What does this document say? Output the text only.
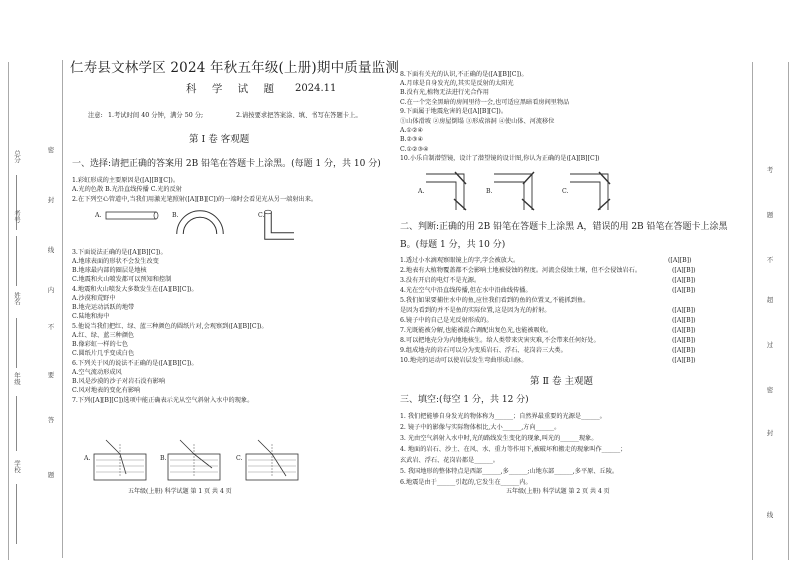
总分
考号
姓名
年级
学校
密
封
线
内
不
要
答
题
考
题
不
超
过
密
封
线
仁寿县文林学区 2024 年秋五年级(上册)期中质量监测
科 学 试 题 2024.11
注意: 1.考试时间 40 分钟，满分 50 分;	2.请按要求把答案涂、填、书写在答题卡上。
第 Ⅰ 卷 客观题
一、选择:请把正确的答案用 2B 铅笔在答题卡上涂黑。(每题 1 分，共 10 分)
1.彩虹形成的主要原因是([A][B][C])。
A.光的色散 B.光沿直线传播 C.光的反射
2.在下列空心管道中,当我们用激光笔照射([A][B][C])的一端时会看见光从另一端射出来。
A.	B.	C.
3.下面说法正确的是([A][B][C])。
A.地球表面的形状不会发生改变
B.地球最内部的圈层是地核
C.地震和火山喷发都可以预知和控制
4.地震和火山喷发大多数发生在([A][B][C])。
A.沙漠和荒野中
B.地壳运动活跃的地带
C.陆地和海中
5.他说当我们把红、绿、蓝三种颜色的圆纸片对,会观察到([A][B][C])。
A.红、绿、蓝三种颜色
B.像彩虹一样的七色
C.圆纸片几乎变成白色
6.下列关于风的说法不正确的是([A][B][C])。
A.空气流动形成风
B.风是沙漠的沙子对岩石没有影响
C.风对地表的变化有影响
7.下列([A][B][C])选项中能正确表示光从空气斜射入水中的现象。
A.	B.	C.
五年级(上册) 科学试题 第 1 页 共 4 页
8.下面有关光的认识,不正确的是([A][B][C])。
A.月球是自身发光的,其实是反射的太阳光
B.没有光,植物无法进行光合作用
C.在一个完全黑暗的房间里待一会,也可适应黑暗看房间里物品
9.下面属于地震危害的是([A][B][C])。
①山体滑坡 ②房屋倒塌 ③形成溶洞 ④使山体、河流移位
A.①②④
B.②③④
C.①②③④
10.小乐自制潜望镜，设计了潜望镜的设计图,你认为正确的是([A][B][C])
A.	B.	C.
二、判断:正确的用 2B 铅笔在答题卡上涂黑 A，错误的用 2B 铅笔在答题卡上涂黑
B。(每题 1 分，共 10 分)
1.透过小水滴观察眼镜上的字,字会被放大。	([A][B])
2.地表有大植物覆盖都不会影响土地被侵蚀的程度。河流会侵蚀土壤，但不会侵蚀岩石。	([A][B])
3.没有开启的电灯不是光源。	([A][B])
4.光在空气中沿直线传播,但在水中沿曲线传播。	([A][B])
5.我们如果要捕住水中的鱼,应往我们看到的鱼的位置叉,不能抓到鱼。
是因为看到的并不是鱼的实际位置,这是因为光的折射。	([A][B])
6.镜子中的自己是光反射形成的。	([A][B])
7.光既能被分解,也能被混合调配出复色光,也能被吸收。	([A][B])
8.可以把地壳分为内地地核生。给人类带来灾害灾难,不会带来任何好处。	([A][B])
9.组成地壳的岩石可以分为变质岩石、浮石、花岗岩三大类。	([A][B])
10.地壳的运动可以使岩层发生弯曲形成山脉。	([A][B])
第 Ⅱ 卷 主观题
三、填空:(每空 1 分，共 12 分)
1. 我们把能够自身发光的物体称为______；自然界最重要的光源是______。
2. 镜子中的影像与实际物体相比,大小______,方向______。
3. 光由空气斜射入水中时,光的路线发生变化的现象,叫光的______现象。
4. 地面的岩石、沙土、在风、水、重力等作用下,被破坏和搬走的现象叫作______；
玄武岩、浮石、花岗岩都是______。
5. 我国地形的整体特点是西部______,多______;山地东部______,多平原、丘陵。
6.地震是由于______引起的,它发生在______内。
五年级(上册) 科学试题 第 2 页 共 4 页
